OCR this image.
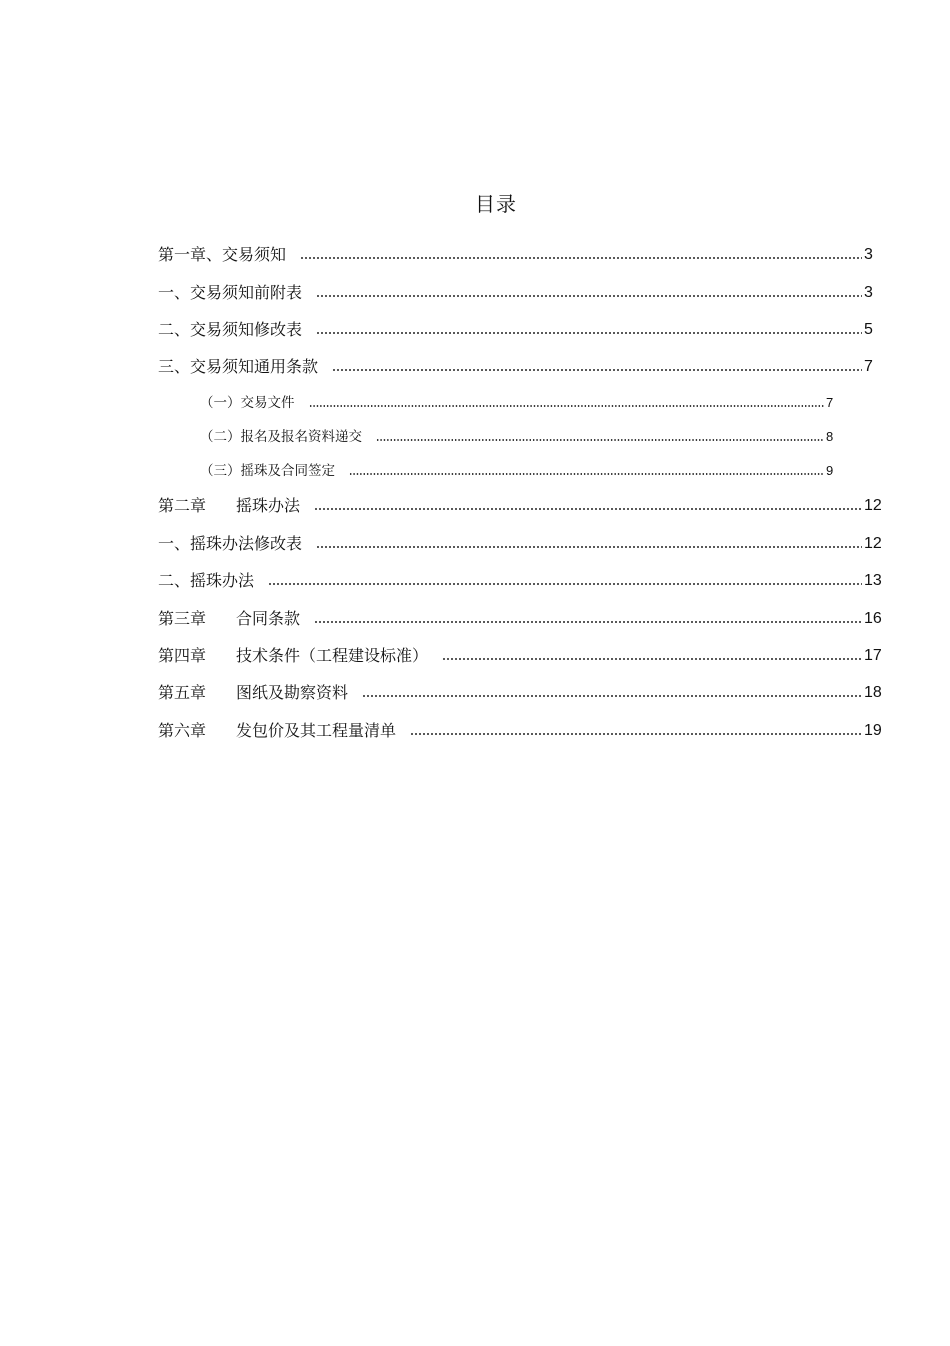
目录
第一章、交易须知	3
一、交易须知前附表	3
二、交易须知修改表	5
三、交易须知通用条款	7
（一）交易文件	7
（二）报名及报名资料递交	8
（三）摇珠及合同签定	9
第二章 摇珠办法	12
一、摇珠办法修改表	12
二、摇珠办法	13
第三章 合同条款	16
第四章 技术条件（工程建设标准）	17
第五章 图纸及勘察资料	18
第六章 发包价及其工程量清单	19
